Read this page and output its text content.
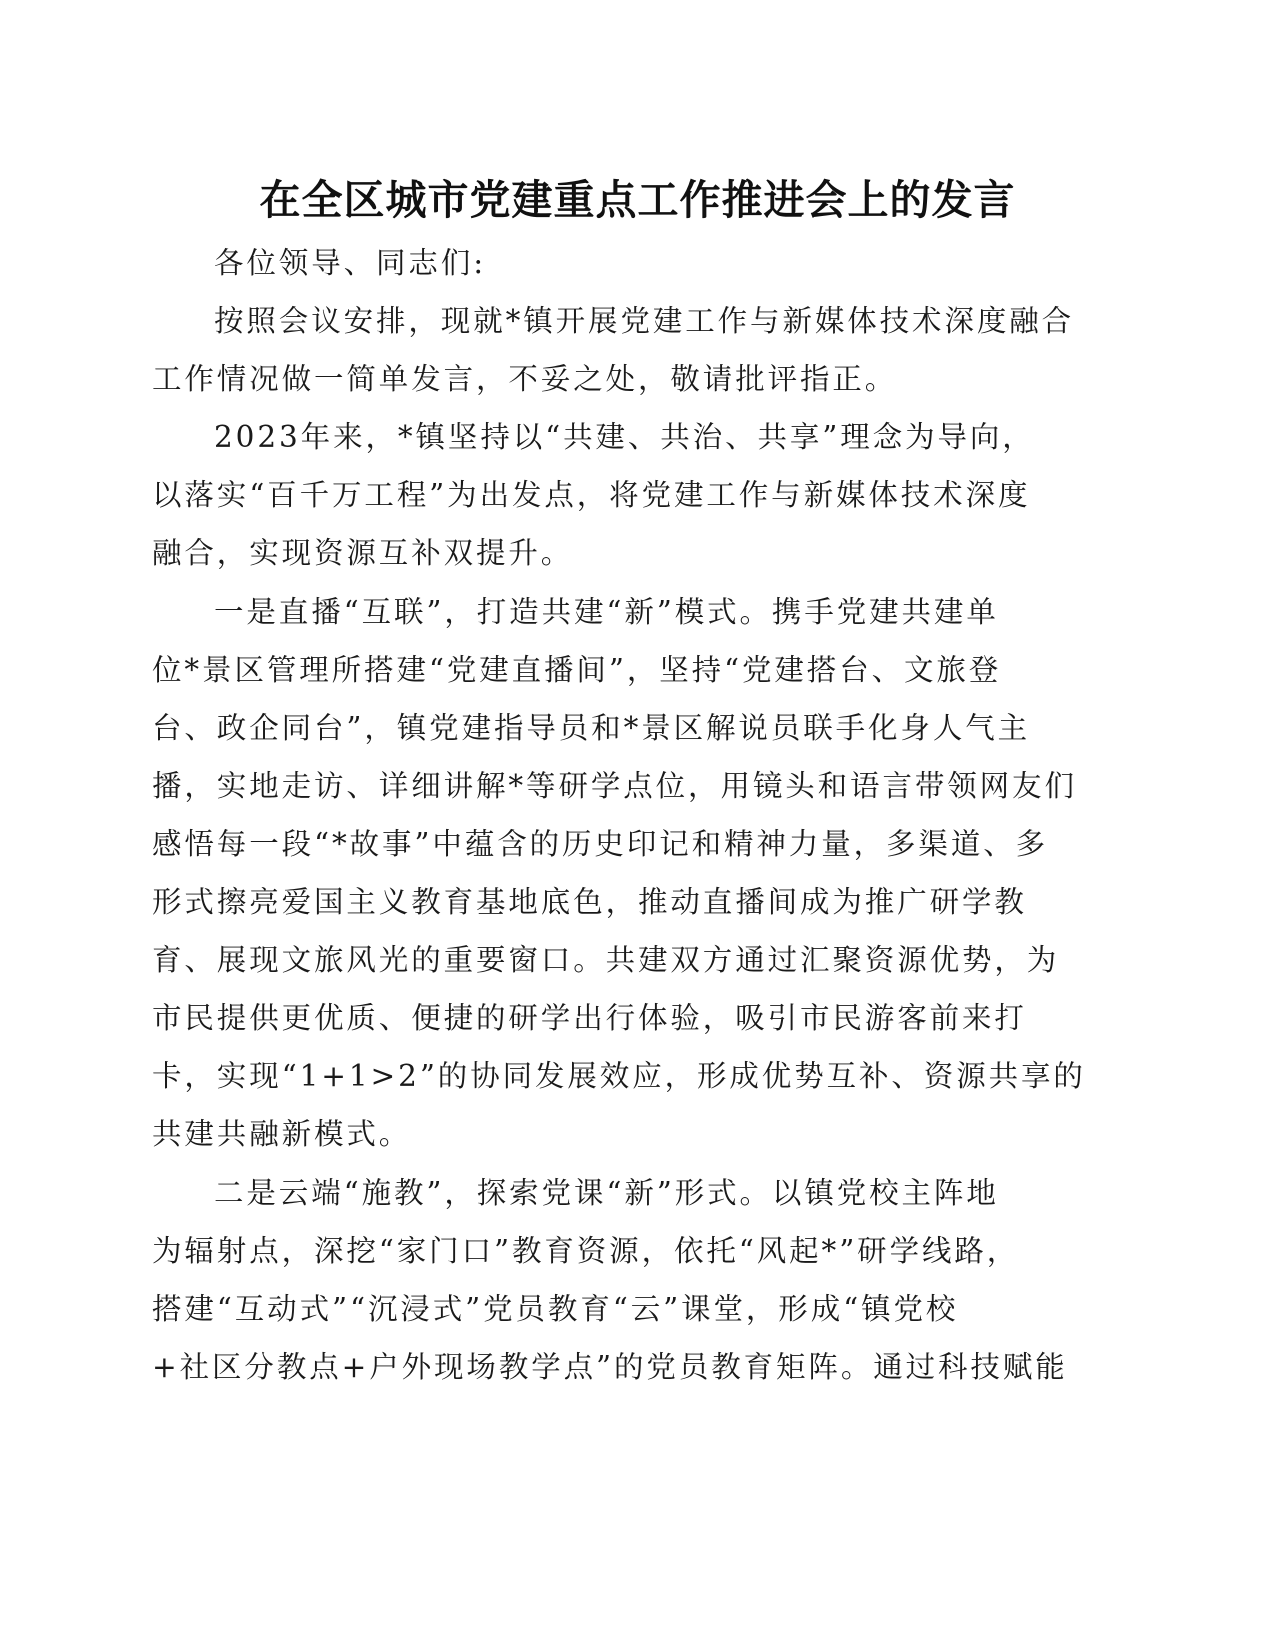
在全区城市党建重点工作推进会上的发言

各位领导、同志们:

按照会议安排，现就*镇开展党建工作与新媒体技术深度融合
工作情况做一简单发言，不妥之处，敬请批评指正。

2023年来，*镇坚持以“共建、共治、共享”理念为导向，
以落实“百千万工程”为出发点，将党建工作与新媒体技术深度
融合，实现资源互补双提升。

一是直播“互联”，打造共建“新”模式。携手党建共建单
位*景区管理所搭建“党建直播间”，坚持“党建搭台、文旅登
台、政企同台”，镇党建指导员和*景区解说员联手化身人气主
播，实地走访、详细讲解*等研学点位，用镜头和语言带领网友们
感悟每一段“*故事”中蕴含的历史印记和精神力量，多渠道、多
形式擦亮爱国主义教育基地底色，推动直播间成为推广研学教
育、展现文旅风光的重要窗口。共建双方通过汇聚资源优势，为
市民提供更优质、便捷的研学出行体验，吸引市民游客前来打
卡，实现“1+1>2”的协同发展效应，形成优势互补、资源共享的
共建共融新模式。

二是云端“施教”，探索党课“新”形式。以镇党校主阵地
为辐射点，深挖“家门口”教育资源，依托“风起*”研学线路，
搭建“互动式”“沉浸式”党员教育“云”课堂，形成“镇党校
+社区分教点+户外现场教学点”的党员教育矩阵。通过科技赋能
